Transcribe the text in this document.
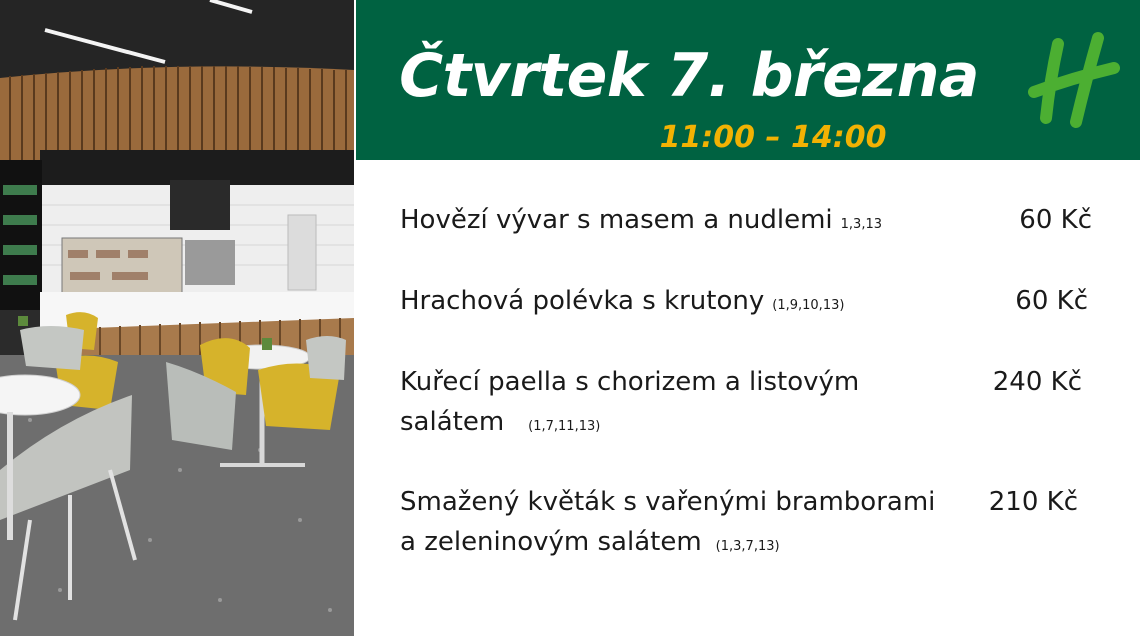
Čtvrtek 7. března
11:00 – 14:00
Hovězí vývar s masem a nudlemi 1,3,13	60 Kč
Hrachová polévka s krutony (1,9,10,13)	60 Kč
Kuřecí paella s chorizem a listovým
salátem (1,7,11,13)
240 Kč
Smažený květák s vařenými bramborami
a zeleninovým salátem (1,3,7,13)
210 Kč
